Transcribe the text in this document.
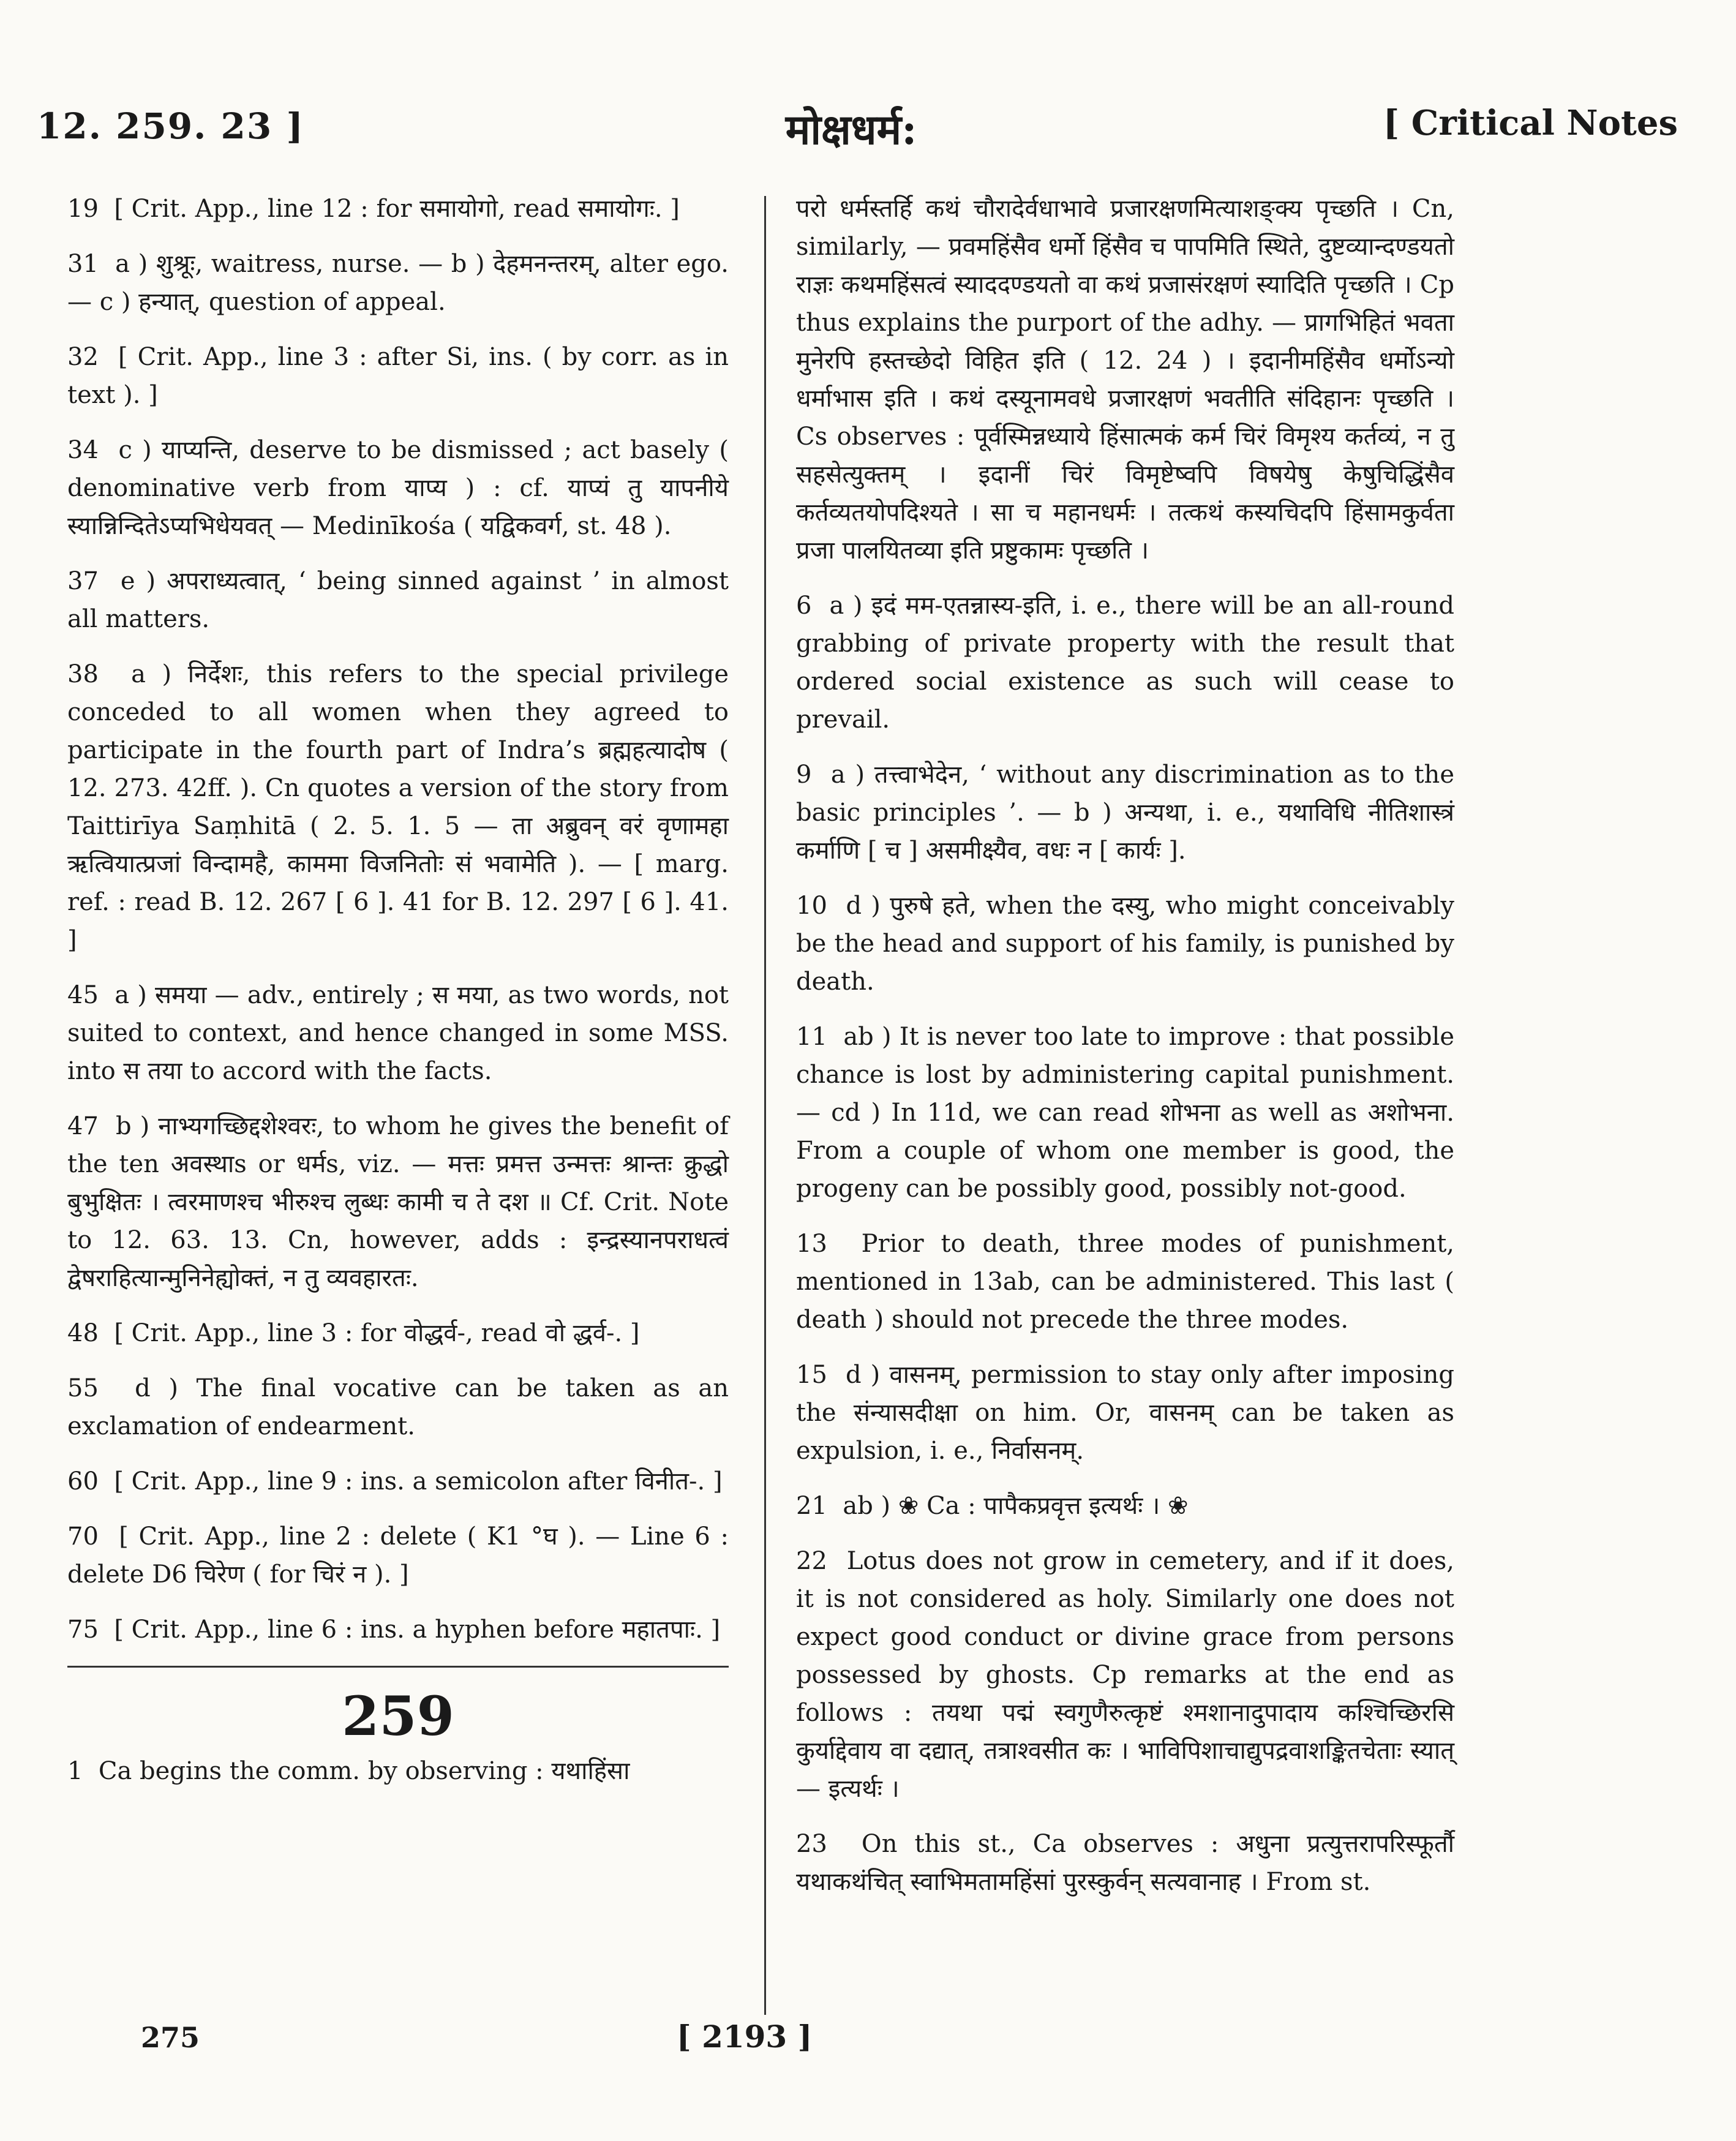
12. 259. 23 ]	मोक्षधर्म:	[ Critical Notes

19 [ Crit. App., line 12 : for समायोगो, read समायोगः. ]

31 a ) शुश्रूः, waitress, nurse. — b ) देहमनन्तरम्, alter ego. — c ) हन्यात्, question of appeal.

32 [ Crit. App., line 3 : after Si, ins. ( by corr. as in text ). ]

34 c ) याप्यन्ति, deserve to be dismissed ; act basely ( denominative verb from याप्य ) : cf. याप्यं तु यापनीये स्यान्निन्दितेऽप्यभिधेयवत् — Medinīkośa ( यद्विकवर्ग, st. 48 ).

37 e ) अपराध्यत्वात्, ‘ being sinned against ’ in almost all matters.

38 a ) निर्देशः, this refers to the special privilege conceded to all women when they agreed to participate in the fourth part of Indra’s ब्रह्महत्यादोष ( 12. 273. 42ff. ). Cn quotes a version of the story from Taittirīya Saṃhitā ( 2. 5. 1. 5 — ता अब्रुवन् वरं वृणामहा ऋत्वियात्प्रजां विन्दामहै, काममा विजनितोः सं भवामेति ). — [ marg. ref. : read B. 12. 267 [ 6 ]. 41 for B. 12. 297 [ 6 ]. 41. ]

45 a ) समया — adv., entirely ; स मया, as two words, not suited to context, and hence changed in some MSS. into स तया to accord with the facts.

47 b ) नाभ्यगच्छिद्दशेश्वरः, to whom he gives the benefit of the ten अवस्थाs or धर्मs, viz. — मत्तः प्रमत्त उन्मत्तः श्रान्तः क्रुद्धो बुभुक्षितः । त्वरमाणश्च भीरुश्च लुब्धः कामी च ते दश ॥ Cf. Crit. Note to 12. 63. 13. Cn, however, adds : इन्द्रस्यानपराधत्वं द्वेषराहित्यान्मुनिनेह्योक्तं, न तु व्यवहारतः.

48 [ Crit. App., line 3 : for वोद्धर्व-, read वो द्धर्व-. ]

55 d ) The final vocative can be taken as an exclamation of endearment.

60 [ Crit. App., line 9 : ins. a semicolon after विनीत-. ]

70 [ Crit. App., line 2 : delete ( K1 °घ ). — Line 6 : delete D6 चिरेण ( for चिरं न ). ]

75 [ Crit. App., line 6 : ins. a hyphen before महातपाः. ]

259

1 Ca begins the comm. by observing : यथाहिंसा

परो धर्मस्तर्हि कथं चौरादेर्वधाभावे प्रजारक्षणमित्याशङ्क्य पृच्छति । Cn, similarly, — प्रवमहिंसैव धर्मो हिंसैव च पापमिति स्थिते, दुष्टव्यान्दण्डयतो राज्ञः कथमहिंसत्वं स्याददण्डयतो वा कथं प्रजासंरक्षणं स्यादिति पृच्छति । Cp thus explains the purport of the adhy. — प्रागभिहितं भवता मुनेरपि हस्तच्छेदो विहित इति ( 12. 24 ) । इदानीमहिंसैव धर्मोऽन्यो धर्माभास इति । कथं दस्यूनामवधे प्रजारक्षणं भवतीति संदिहानः पृच्छति । Cs observes : पूर्वस्मिन्नध्याये हिंसात्मकं कर्म चिरं विमृश्य कर्तव्यं, न तु सहसेत्युक्तम् । इदानीं चिरं विमृष्टेष्वपि विषयेषु केषुचिद्धिंसैव कर्तव्यतयोपदिश्यते । सा च महानधर्मः । तत्कथं कस्यचिदपि हिंसामकुर्वता प्रजा पालयितव्या इति प्रष्टुकामः पृच्छति ।

6 a ) इदं मम-एतन्नास्य-इति, i. e., there will be an all-round grabbing of private property with the result that ordered social existence as such will cease to prevail.

9 a ) तत्त्वाभेदेन, ‘ without any discrimination as to the basic principles ’. — b ) अन्यथा, i. e., यथाविधि नीतिशास्त्रं कर्माणि [ च ] असमीक्ष्यैव, वधः न [ कार्यः ].

10 d ) पुरुषे हते, when the दस्यु, who might conceivably be the head and support of his family, is punished by death.

11 ab ) It is never too late to improve : that possible chance is lost by administering capital punishment. — cd ) In 11d, we can read शोभना as well as अशोभना. From a couple of whom one member is good, the progeny can be possibly good, possibly not-good.

13 Prior to death, three modes of punishment, mentioned in 13ab, can be administered. This last ( death ) should not precede the three modes.

15 d ) वासनम्, permission to stay only after imposing the संन्यासदीक्षा on him. Or, वासनम् can be taken as expulsion, i. e., निर्वासनम्.

21 ab ) ❀ Ca : पापैकप्रवृत्त इत्यर्थः । ❀

22 Lotus does not grow in cemetery, and if it does, it is not considered as holy. Similarly one does not expect good conduct or divine grace from persons possessed by ghosts. Cp remarks at the end as follows : तयथा पद्मं स्वगुणैरुत्कृष्टं श्मशानादुपादाय कश्चिच्छिरसि कुर्याद्देवाय वा दद्यात्, तत्राश्वसीत कः । भाविपिशाचाद्युपद्रवाशङ्कितचेताः स्यात् — इत्यर्थः ।

23 On this st., Ca observes : अधुना प्रत्युत्तरापरिस्फूर्तौ यथाकथंचित् स्वाभिमतामहिंसां पुरस्कुर्वन् सत्यवानाह । From st.

275	[ 2193 ]
